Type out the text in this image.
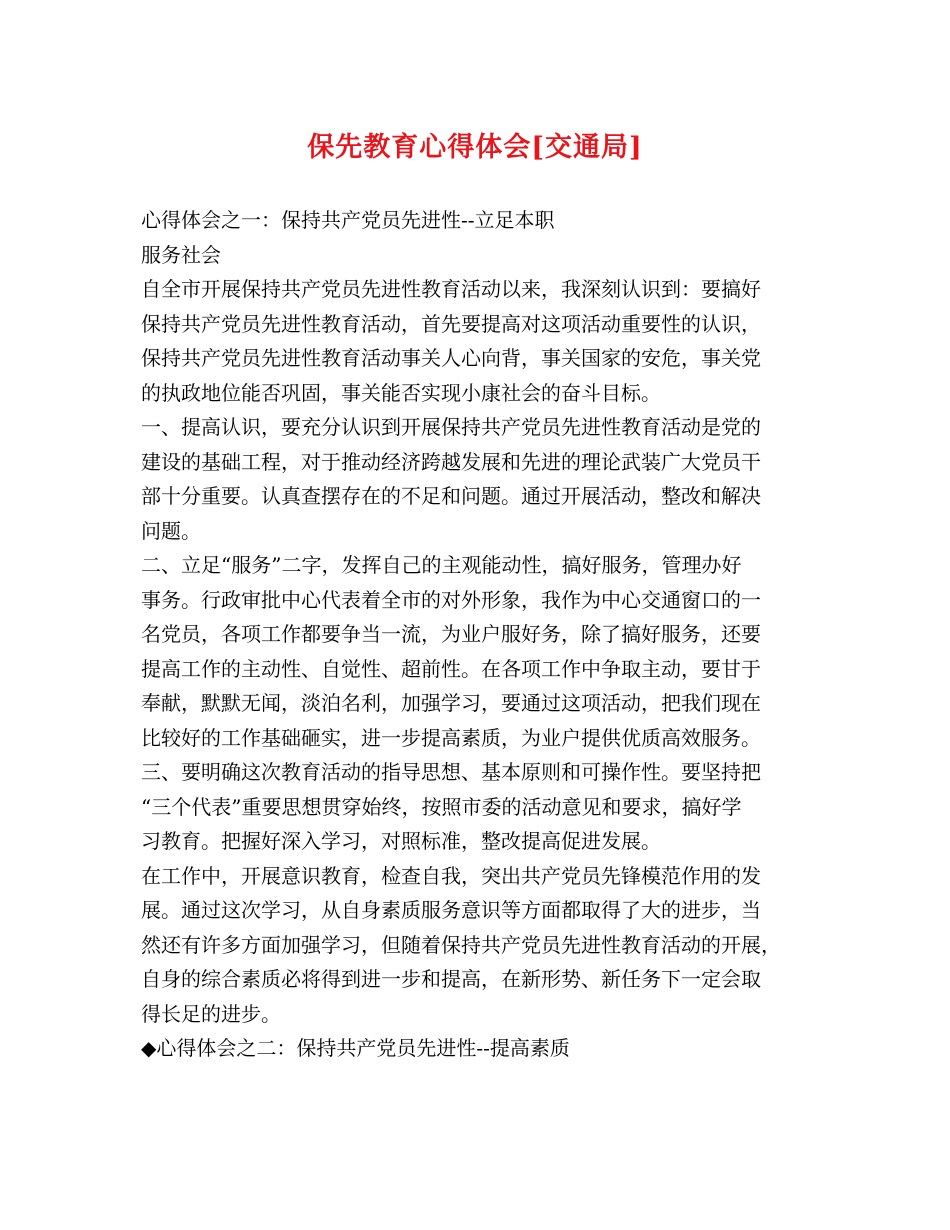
保先教育心得体会[交通局]
心得体会之一：保持共产党员先进性--立足本职
服务社会
自全市开展保持共产党员先进性教育活动以来，我深刻认识到：要搞好
保持共产党员先进性教育活动，首先要提高对这项活动重要性的认识，
保持共产党员先进性教育活动事关人心向背，事关国家的安危，事关党
的执政地位能否巩固，事关能否实现小康社会的奋斗目标。
一、提高认识，要充分认识到开展保持共产党员先进性教育活动是党的
建设的基础工程，对于推动经济跨越发展和先进的理论武装广大党员干
部十分重要。认真查摆存在的不足和问题。通过开展活动，整改和解决
问题。
二、立足“服务”二字，发挥自己的主观能动性，搞好服务，管理办好
事务。行政审批中心代表着全市的对外形象，我作为中心交通窗口的一
名党员，各项工作都要争当一流，为业户服好务，除了搞好服务，还要
提高工作的主动性、自觉性、超前性。在各项工作中争取主动，要甘于
奉献，默默无闻，淡泊名利，加强学习，要通过这项活动，把我们现在
比较好的工作基础砸实，进一步提高素质，为业户提供优质高效服务。
三、要明确这次教育活动的指导思想、基本原则和可操作性。要坚持把
“三个代表”重要思想贯穿始终，按照市委的活动意见和要求，搞好学
习教育。把握好深入学习，对照标准，整改提高促进发展。
在工作中，开展意识教育，检查自我，突出共产党员先锋模范作用的发
展。通过这次学习，从自身素质服务意识等方面都取得了大的进步，当
然还有许多方面加强学习，但随着保持共产党员先进性教育活动的开展，
自身的综合素质必将得到进一步和提高，在新形势、新任务下一定会取
得长足的进步。
◆心得体会之二：保持共产党员先进性--提高素质
